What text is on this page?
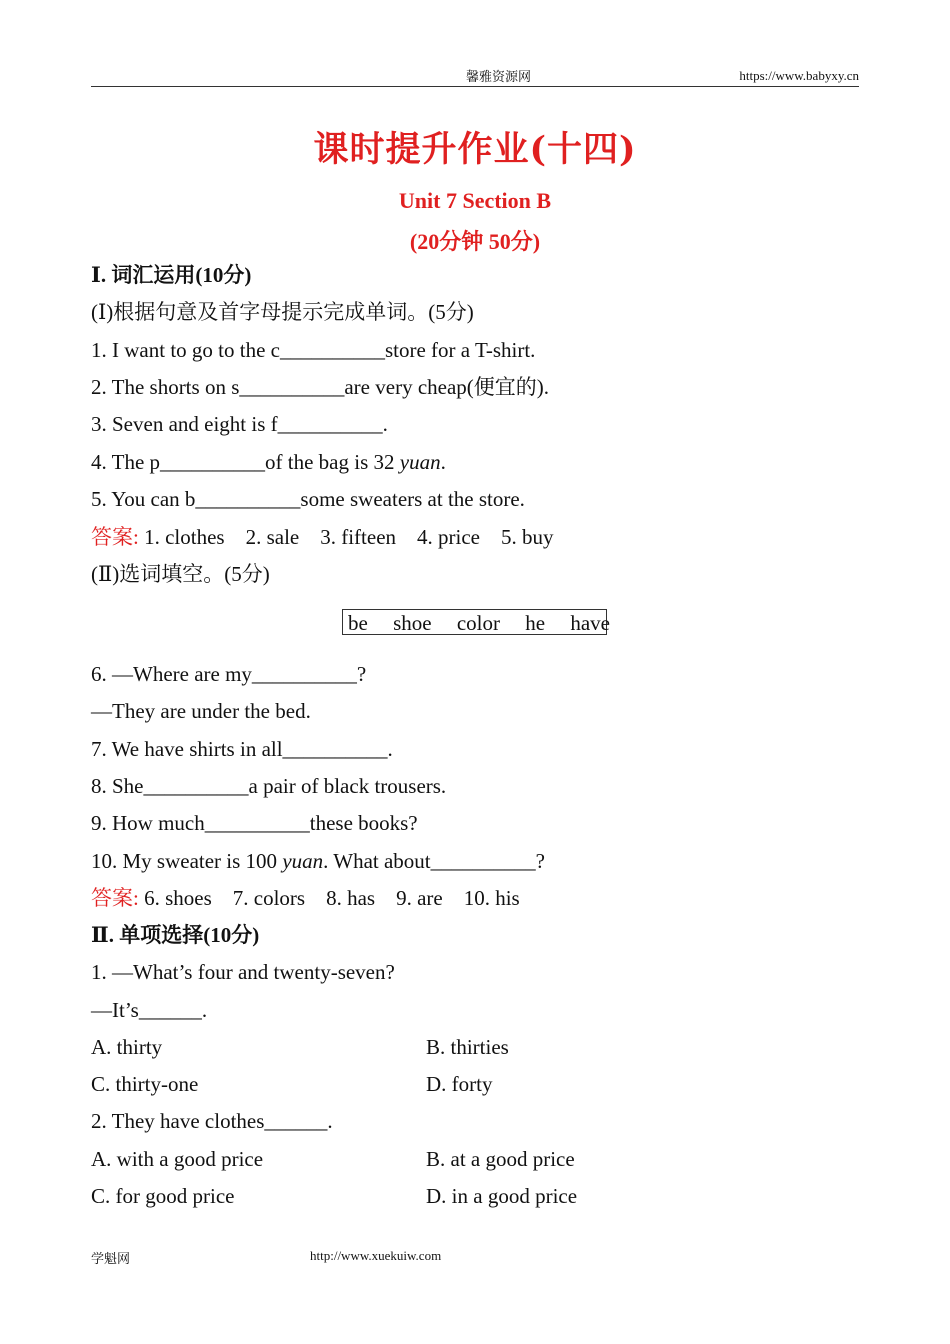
馨雅资源网	https://www.babyxy.cn
课时提升作业(十四)
Unit 7 Section B
(20分钟 50分)
Ⅰ. 词汇运用(10分)
(Ⅰ)根据句意及首字母提示完成单词。(5分)
1. I want to go to the c__________store for a T-shirt.
2. The shorts on s__________are very cheap(便宜的).
3. Seven and eight is f__________.
4. The p__________of the bag is 32 yuan.
5. You can b__________some sweaters at the store.
答案: 1. clothes    2. sale    3. fifteen    4. price    5. buy
(Ⅱ)选词填空。(5分)
be shoe color he have
6. —Where are my__________?
—They are under the bed.
7. We have shirts in all__________.
8. She__________a pair of black trousers.
9. How much__________these books?
10. My sweater is 100 yuan. What about__________?
答案: 6. shoes    7. colors    8. has    9. are    10. his
Ⅱ. 单项选择(10分)
1. —What’s four and twenty-seven?
—It’s______.
A. thirty	B. thirties
C. thirty-one	D. forty
2. They have clothes______.
A. with a good price	B. at a good price
C. for good price	D. in a good price
学魁网	http://www.xuekuiw.com
